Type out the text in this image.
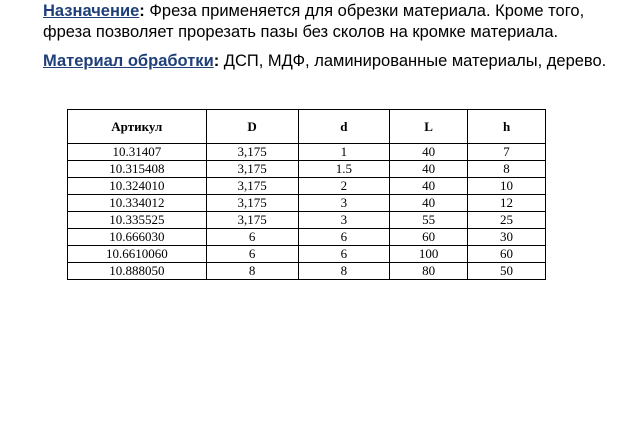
Назначение: Фреза применяется для обрезки материала. Кроме того, фреза позволяет прорезать пазы без сколов на кромке материала.

Материал обработки: ДСП, МДФ, ламинированные материалы, дерево.

Артикул	D	d	L	h
10.31407	3,175	1	40	7
10.315408	3,175	1.5	40	8
10.324010	3,175	2	40	10
10.334012	3,175	3	40	12
10.335525	3,175	3	55	25
10.666030	6	6	60	30
10.6610060	6	6	100	60
10.888050	8	8	80	50
